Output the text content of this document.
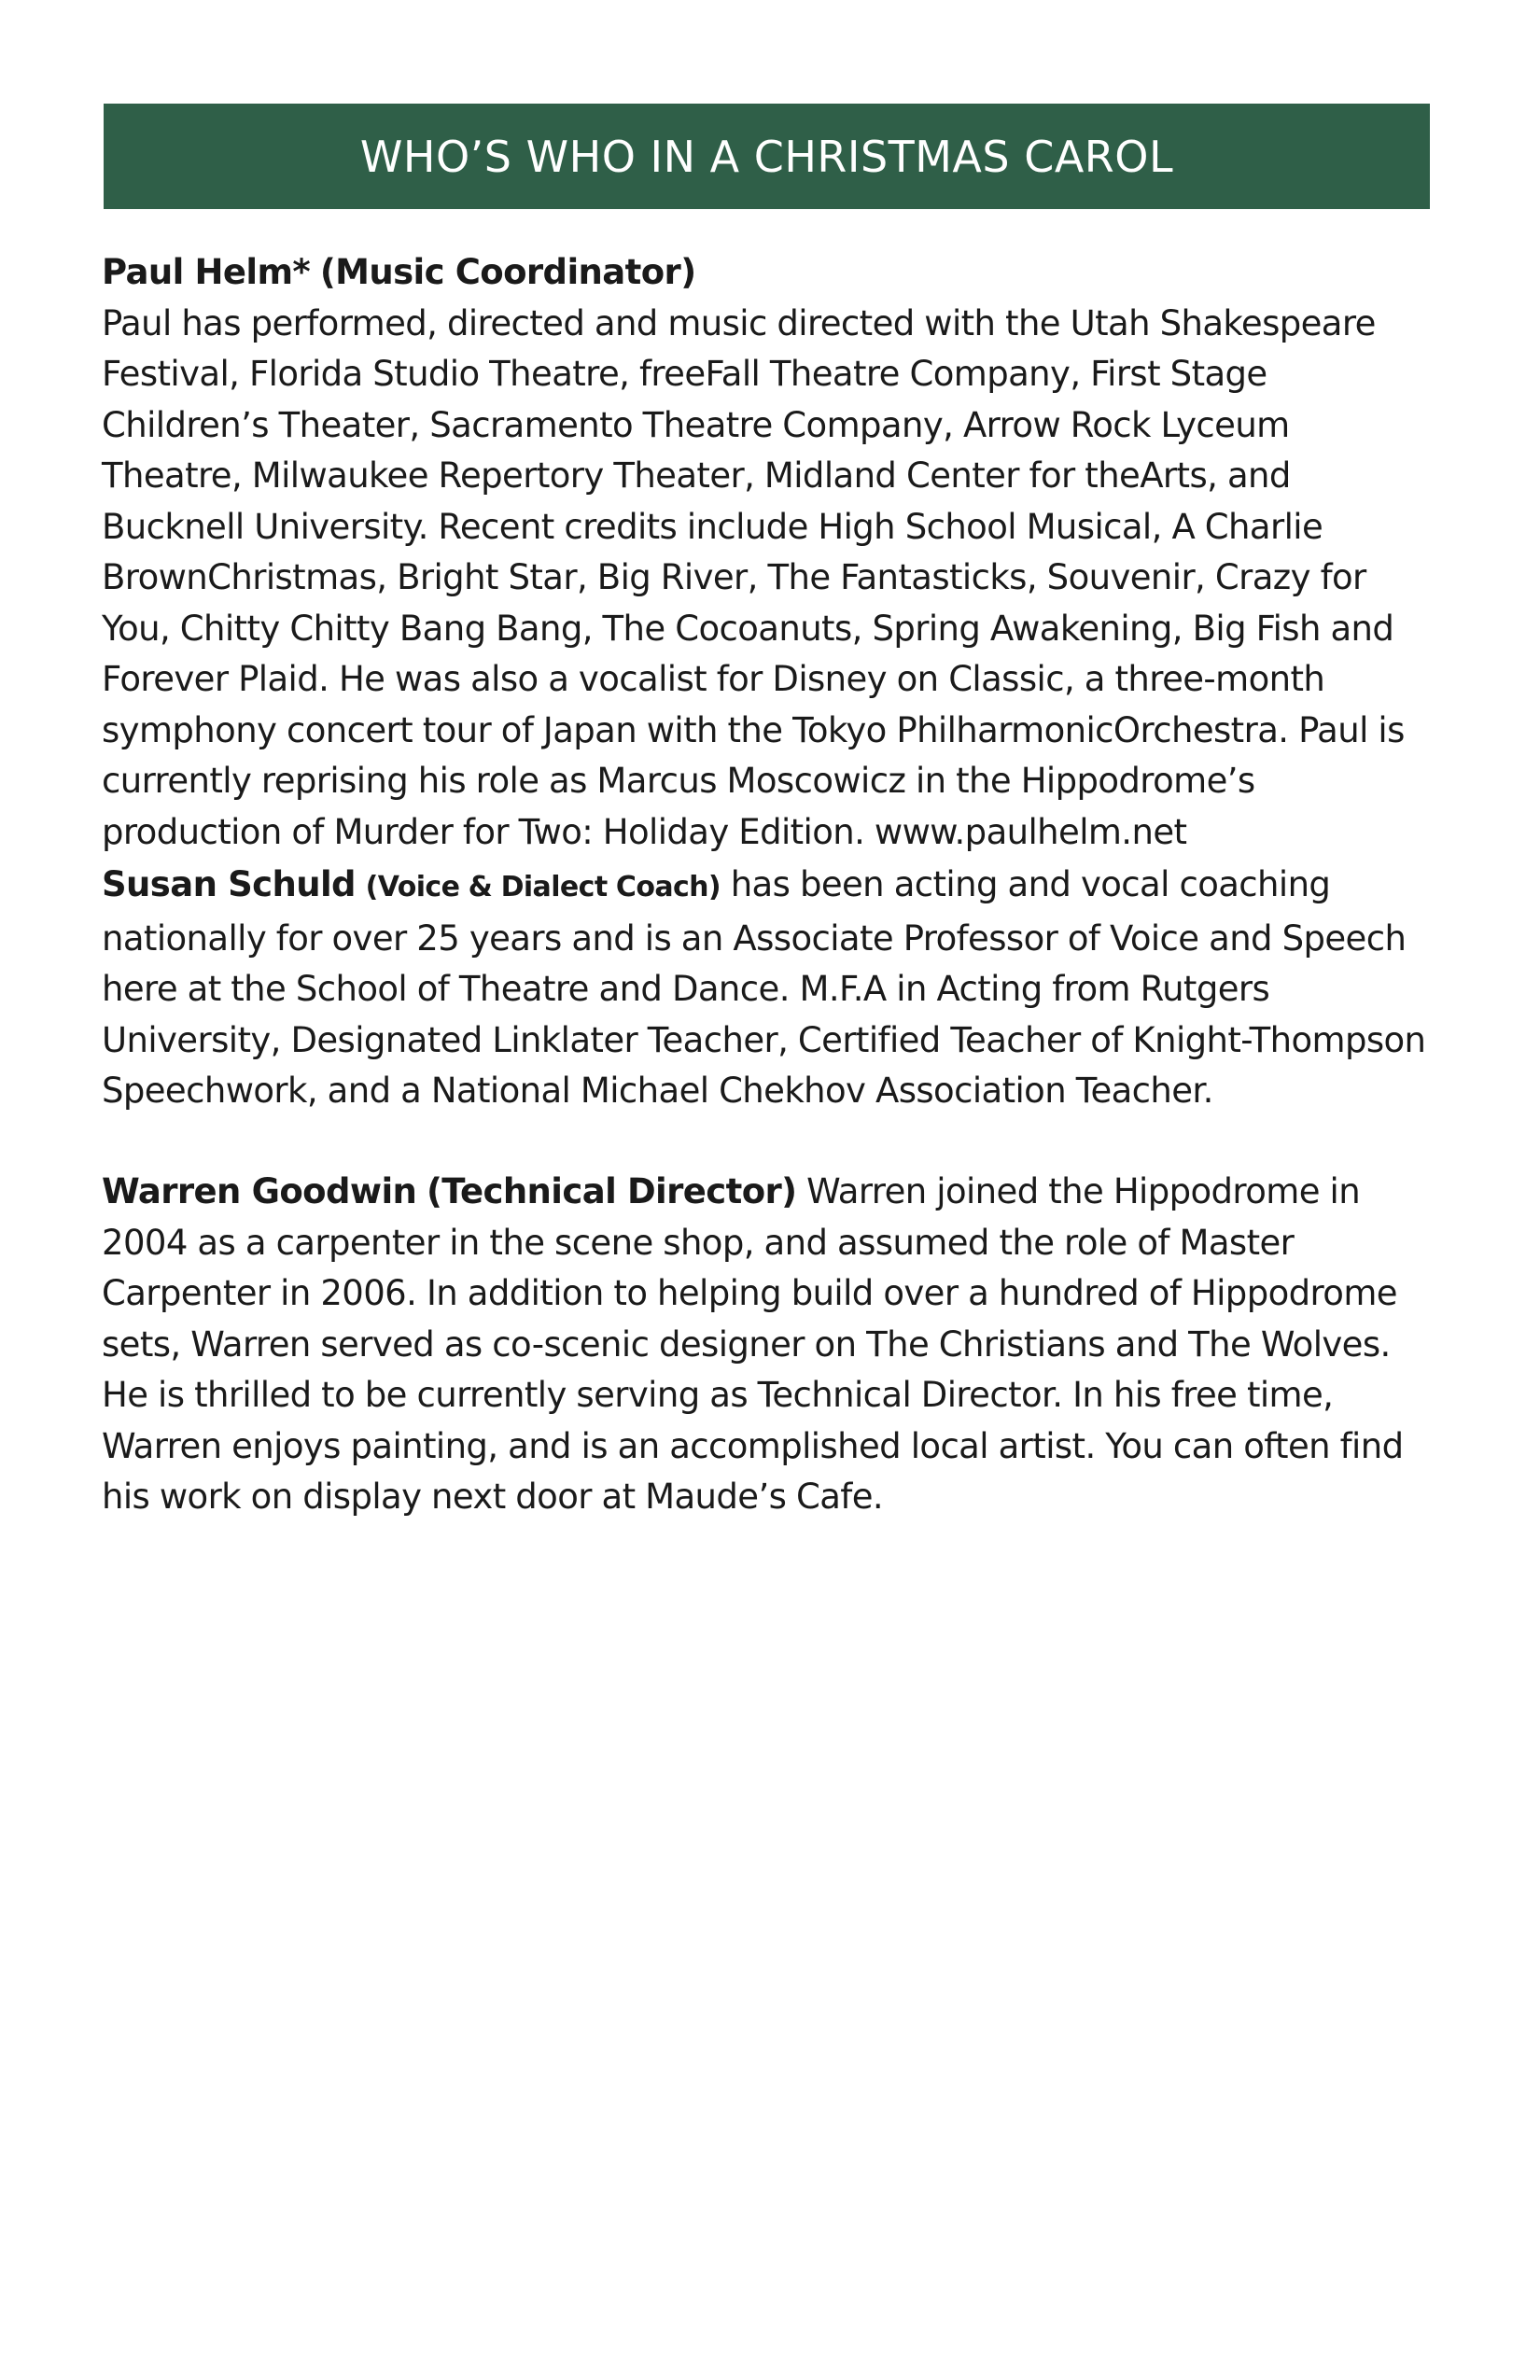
WHO’S WHO IN A CHRISTMAS CAROL
Paul Helm* (Music Coordinator)
Paul has performed, directed and music directed with the Utah Shakespeare Festival, Florida Studio Theatre, freeFall Theatre Company, First Stage Children’s Theater, Sacramento Theatre Company, Arrow Rock Lyceum Theatre, Milwaukee Repertory Theater, Midland Center for theArts, and Bucknell University. Recent credits include High School Musical, A Charlie BrownChristmas, Bright Star, Big River, The Fantasticks, Souvenir, Crazy for You, Chitty Chitty Bang Bang, The Cocoanuts, Spring Awakening, Big Fish and Forever Plaid. He was also a vocalist for Disney on Classic, a three-month symphony concert tour of Japan with the Tokyo PhilharmonicOrchestra. Paul is currently reprising his role as Marcus Moscowicz in the Hippodrome’s production of Murder for Two: Holiday Edition. www.paulhelm.net
Susan Schuld (Voice & Dialect Coach) has been acting and vocal coaching nationally for over 25 years and is an Associate Professor of Voice and Speech here at the School of Theatre and Dance. M.F.A in Acting from Rutgers University, Designated Linklater Teacher, Certified Teacher of Knight-Thompson Speechwork, and a National Michael Chekhov Association Teacher.
Warren Goodwin (Technical Director) Warren joined the Hippodrome in 2004 as a carpenter in the scene shop, and assumed the role of Master Carpenter in 2006. In addition to helping build over a hundred of Hippodrome sets, Warren served as co-scenic designer on The Christians and The Wolves. He is thrilled to be currently serving as Technical Director. In his free time, Warren enjoys painting, and is an accomplished local artist. You can often find his work on display next door at Maude’s Cafe.
